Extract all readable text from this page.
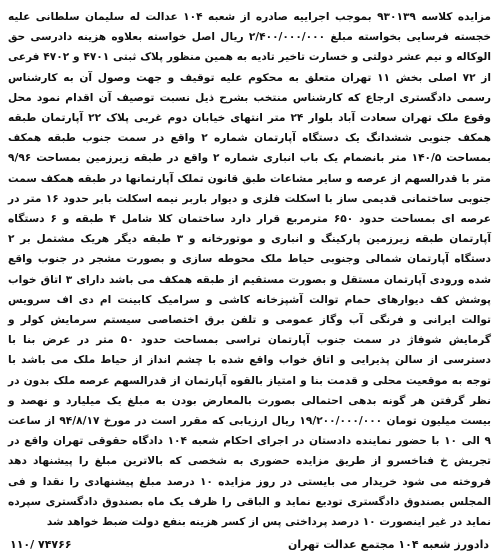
مزایده کلاسه ۹۳۰۱۳۹ بموجب اجراییه صادره از شعبه ۱۰۴ عدالت له سلیمان سلطانی علیه خجسته فرسایی بخواسته مبلغ ۲/۴۰۰/۰۰۰/۰۰۰ ریال اصل خواسته بعلاوه هزینه دادرسی حق الوکاله و نیم عشر دولتی و خسارت تاخیر تادیه به همین منظور پلاک ثبتی ۴۷۰۱ و ۴۷۰۲ فرعی از ۷۲ اصلی بخش ۱۱ تهران متعلق به محکوم علیه توقیف و جهت وصول آن به کارشناس رسمی دادگستری ارجاع که کارشناس منتخب بشرح ذیل نسبت توصیف آن اقدام نمود محل وقوع ملک تهران سعادت آباد بلوار ۲۴ متر انتهای خیابان دوم غربی پلاک ۲۲ آپارتمان طبقه همکف جنوبی ششدانگ یک دستگاه آپارتمان شماره ۲ واقع در سمت جنوب طبقه همکف بمساحت ۱۴۰/۵ متر بانضمام یک باب انباری شماره ۲ واقع در طبقه زیرزمین بمساحت ۹/۹۶ متر با قدرالسهم از عرصه و سایر مشاعات طبق قانون تملک آپارتمانها در طبقه همکف سمت جنوبی ساختمانی قدیمی ساز با اسکلت فلزی و دیوار باربر نیمه اسکلت بابر حدود ۱۶ متر در عرصه ای بمساحت حدود ۶۵۰ مترمربع قرار دارد ساختمان کلا شامل ۴ طبقه و ۶ دستگاه آپارتمان طبقه زیرزمین پارکینگ و انباری و موتورخانه و ۳ طبقه دیگر هریک مشتمل بر ۲ دستگاه آپارتمان شمالی وجنوبی حیاط ملک محوطه سازی و بصورت مشجر در جنوب واقع شده ورودی آپارتمان مستقل و بصورت مستقیم از طبقه همکف می باشد دارای ۳ اتاق خواب پوشش کف دیوارهای حمام توالت آشپزخانه کاشی و سرامیک کابینت ام دی اف سرویس توالت ایرانی و فرنگی آب وگاز عمومی و تلفن برق اختصاصی سیستم سرمایش کولر و گرمایش شوفاژ در سمت جنوب آپارتمان تراسی بمساحت حدود ۵۰ متر در عرض بنا با دسترسی از سالن پذیرایی و اتاق خواب واقع شده با چشم انداز از حیاط ملک می باشد با توجه به موقعیت محلی و قدمت بنا و امتیاز بالقوه آپارتمان از قدرالسهم عرصه ملک بدون در نظر گرفتن هر گونه بدهی احتمالی بصورت بالمعارض بودن به مبلغ یک میلیارد و نهصد و بیست میلیون تومان ۱۹/۲۰۰/۰۰۰/۰۰۰ ریال ارزیابی که مقرر است در مورخ ۹۴/۸/۱۷ از ساعت ۹ الی ۱۰ با حضور نماینده دادستان در اجرای احکام شعبه ۱۰۴ دادگاه حقوقی تهران واقع در تجریش خ فناخسرو از طریق مزایده حضوری به شخصی که بالاترین مبلغ را پیشنهاد دهد فروخته می شود خریدار می بایستی در روز مزایده ۱۰ درصد مبلغ پیشنهادی را نقدا و فی المجلس بصندوق دادگستری تودیع نماید و الباقی را ظرف یک ماه بصندوق دادگستری سپرده نماید در غیر اینصورت ۱۰ درصد پرداختی پس از کسر هزینه بنفع دولت ضبط خواهد شد

دادورز شعبه ۱۰۴ مجتمع عدالت تهران
۱۱۰/ ۷۴۷۶۶
